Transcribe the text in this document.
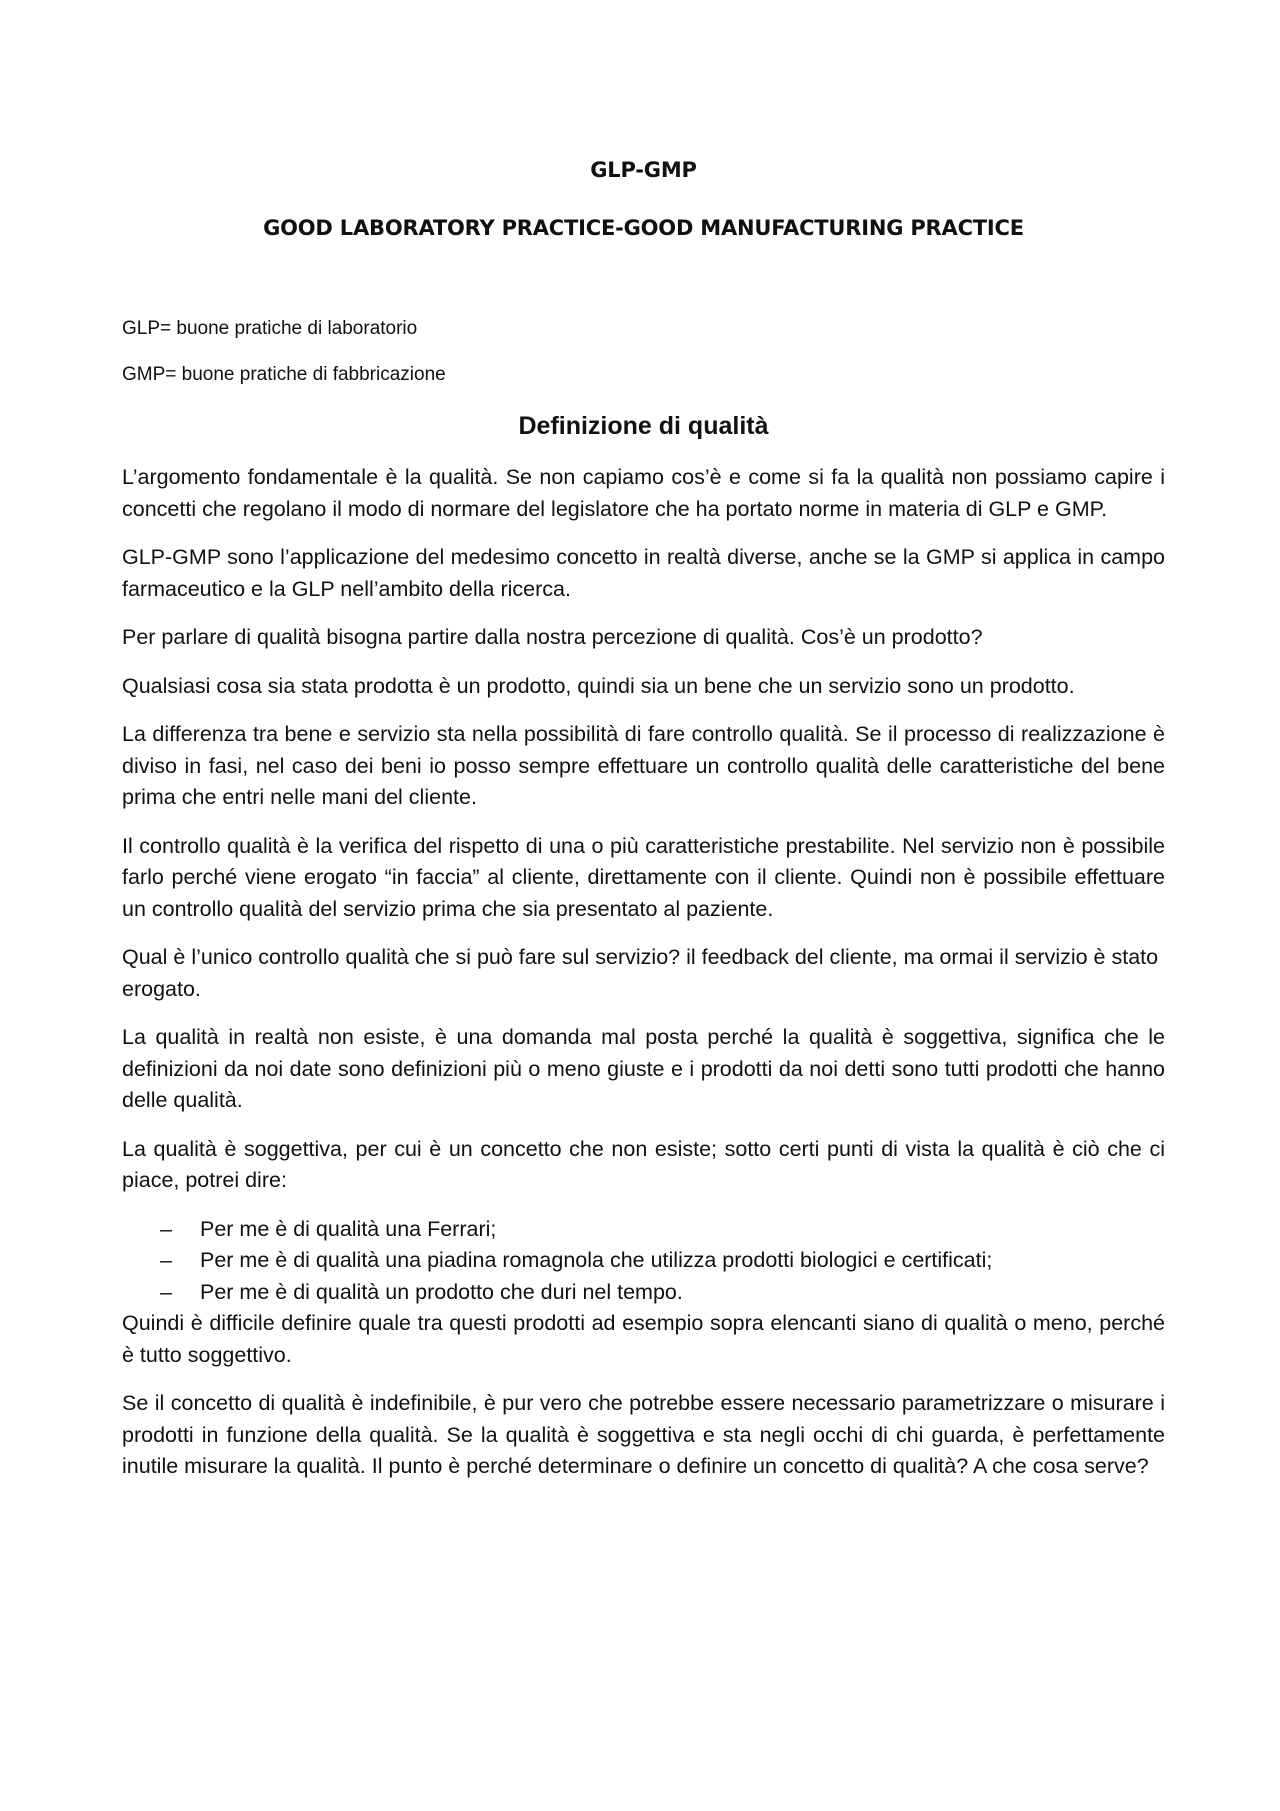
GLP-GMP
GOOD LABORATORY PRACTICE-GOOD MANUFACTURING PRACTICE

GLP= buone pratiche di laboratorio

GMP= buone pratiche di fabbricazione

Definizione di qualità

L’argomento fondamentale è la qualità. Se non capiamo cos’è e come si fa la qualità non possiamo capire i concetti che regolano il modo di normare del legislatore che ha portato norme in materia di GLP e GMP.

GLP-GMP sono l’applicazione del medesimo concetto in realtà diverse, anche se la GMP si applica in campo farmaceutico e la GLP nell’ambito della ricerca.

Per parlare di qualità bisogna partire dalla nostra percezione di qualità. Cos’è un prodotto?

Qualsiasi cosa sia stata prodotta è un prodotto, quindi sia un bene che un servizio sono un prodotto.

La differenza tra bene e servizio sta nella possibilità di fare controllo qualità. Se il processo di realizzazione è diviso in fasi, nel caso dei beni io posso sempre effettuare un controllo qualità delle caratteristiche del bene prima che entri nelle mani del cliente.

Il controllo qualità è la verifica del rispetto di una o più caratteristiche prestabilite. Nel servizio non è possibile farlo perché viene erogato “in faccia” al cliente, direttamente con il cliente. Quindi non è possibile effettuare un controllo qualità del servizio prima che sia presentato al paziente.

Qual è l’unico controllo qualità che si può fare sul servizio? il feedback del cliente, ma ormai il servizio è stato erogato.

La qualità in realtà non esiste, è una domanda mal posta perché la qualità è soggettiva, significa che le definizioni da noi date sono definizioni più o meno giuste e i prodotti da noi detti sono tutti prodotti che hanno delle qualità.

La qualità è soggettiva, per cui è un concetto che non esiste; sotto certi punti di vista la qualità è ciò che ci piace, potrei dire:

– Per me è di qualità una Ferrari;
– Per me è di qualità una piadina romagnola che utilizza prodotti biologici e certificati;
– Per me è di qualità un prodotto che duri nel tempo.

Quindi è difficile definire quale tra questi prodotti ad esempio sopra elencanti siano di qualità o meno, perché è tutto soggettivo.

Se il concetto di qualità è indefinibile, è pur vero che potrebbe essere necessario parametrizzare o misurare i prodotti in funzione della qualità. Se la qualità è soggettiva e sta negli occhi di chi guarda, è perfettamente inutile misurare la qualità. Il punto è perché determinare o definire un concetto di qualità? A che cosa serve?
